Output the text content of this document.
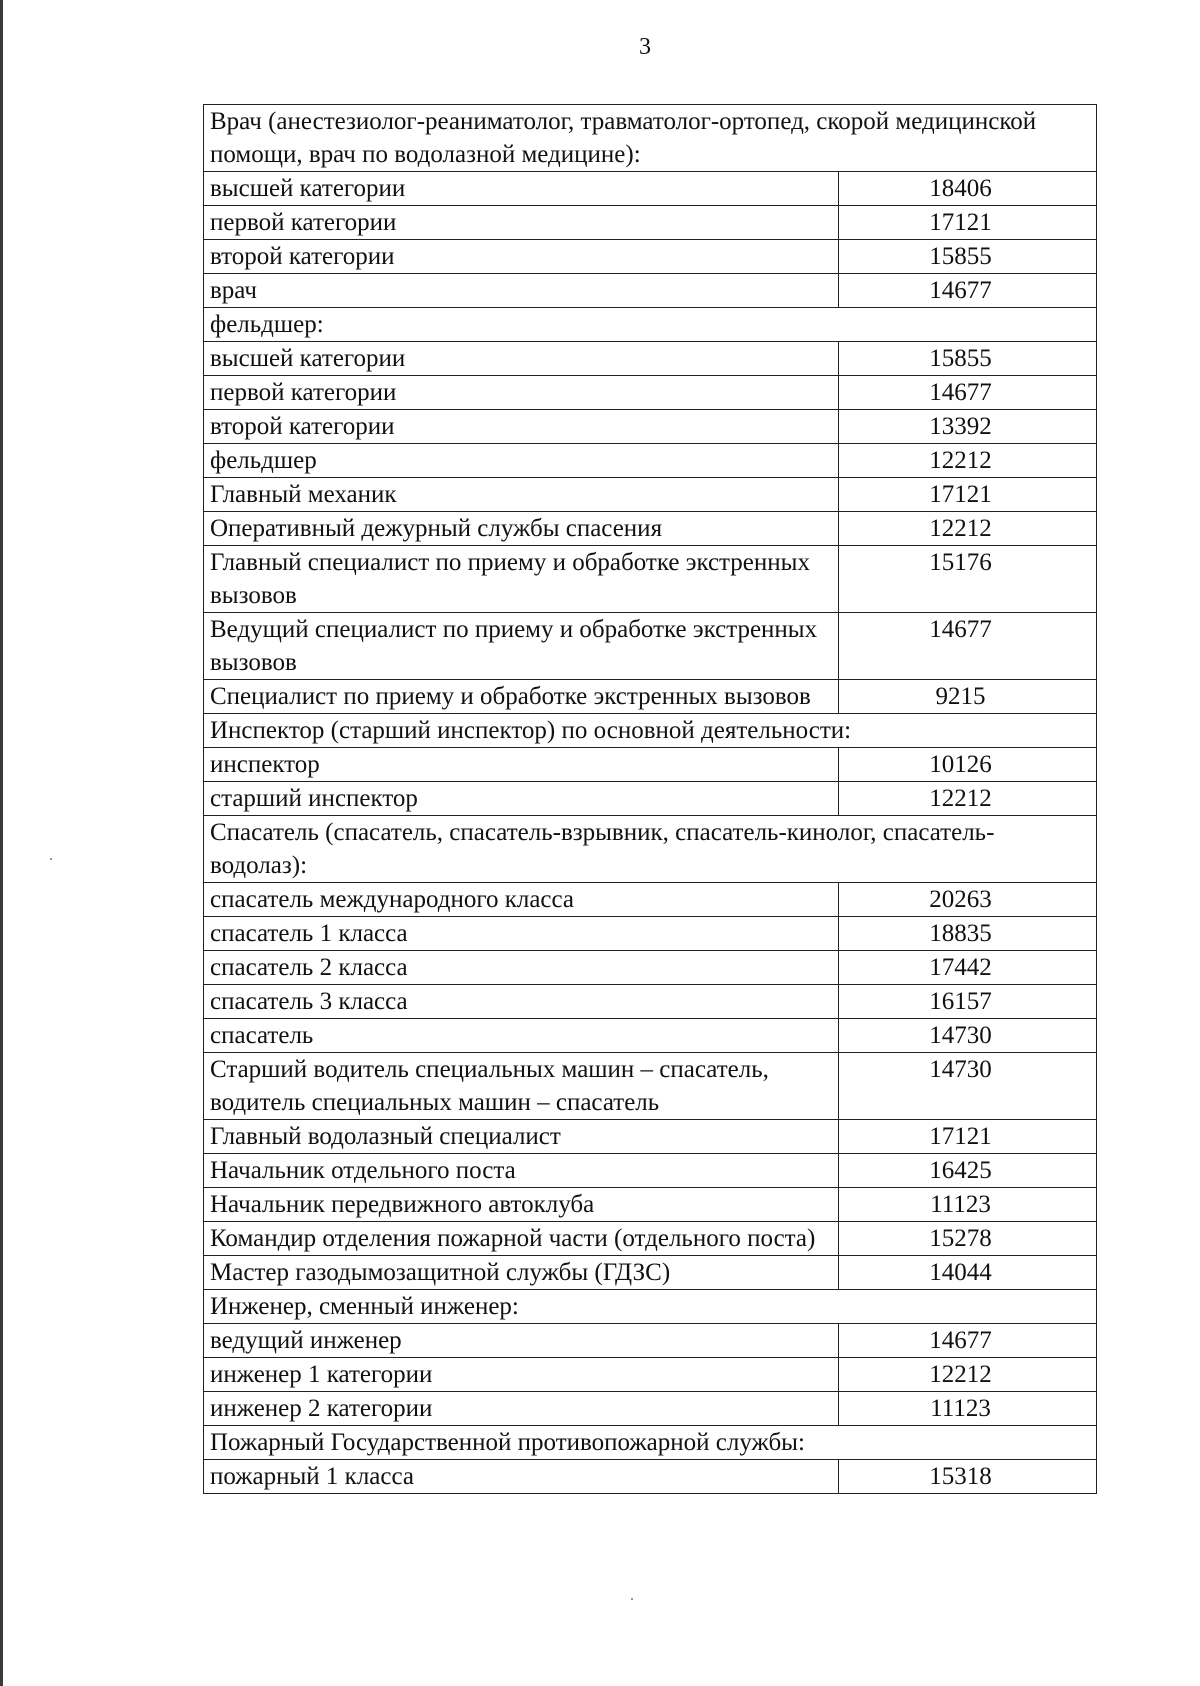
3
Врач (анестезиолог-реаниматолог, травматолог-ортопед, скорой медицинской помощи, врач по водолазной медицине):	
высшей категории	18406
первой категории	17121
второй категории	15855
врач	14677
фельдшер:	
высшей категории	15855
первой категории	14677
второй категории	13392
фельдшер	12212
Главный механик	17121
Оперативный дежурный службы спасения	12212
Главный специалист по приему и обработке экстренных вызовов	15176
Ведущий специалист по приему и обработке экстренных вызовов	14677
Специалист по приему и обработке экстренных вызовов	9215
Инспектор (старший инспектор) по основной деятельности:	
инспектор	10126
старший инспектор	12212
Спасатель (спасатель, спасатель-взрывник, спасатель-кинолог, спасатель-водолаз):	
спасатель международного класса	20263
спасатель 1 класса	18835
спасатель 2 класса	17442
спасатель 3 класса	16157
спасатель	14730
Старший водитель специальных машин – спасатель, водитель специальных машин – спасатель	14730
Главный водолазный специалист	17121
Начальник отдельного поста	16425
Начальник передвижного автоклуба	11123
Командир отделения пожарной части (отдельного поста)	15278
Мастер газодымозащитной службы (ГДЗС)	14044
Инженер, сменный инженер:	
ведущий инженер	14677
инженер 1 категории	12212
инженер 2 категории	11123
Пожарный Государственной противопожарной службы:	
пожарный 1 класса	15318
